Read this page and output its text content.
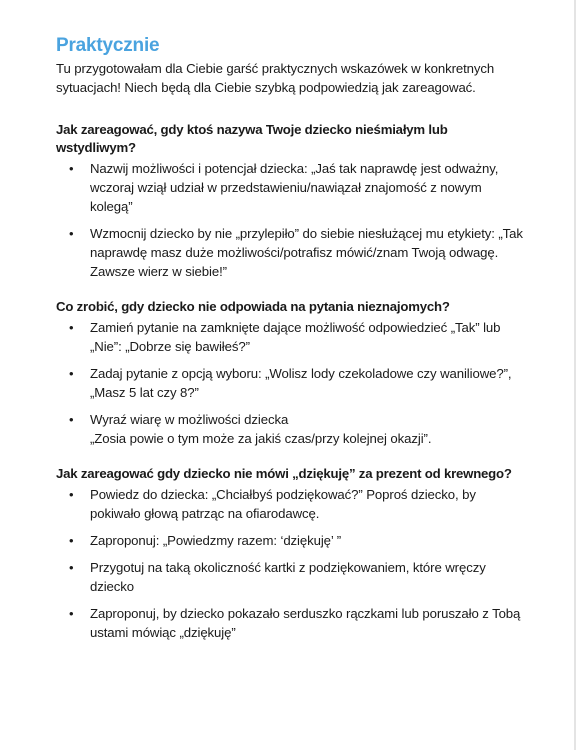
Praktycznie

Tu przygotowałam dla Ciebie garść praktycznych wskazówek w konkretnych sytuacjach! Niech będą dla Ciebie szybką podpowiedzią jak zareagować.

Jak zareagować, gdy ktoś nazywa Twoje dziecko nieśmiałym lub wstydliwym?
• Nazwij możliwości i potencjał dziecka: „Jaś tak naprawdę jest odważny, wczoraj wziął udział w przedstawieniu/nawiązał znajomość z nowym kolegą”
• Wzmocnij dziecko by nie „przylepiło” do siebie niesłużącej mu etykiety: „Tak naprawdę masz duże możliwości/potrafisz mówić/znam Twoją odwagę. Zawsze wierz w siebie!”
Co zrobić, gdy dziecko nie odpowiada na pytania nieznajomych?
• Zamień pytanie na zamknięte dające możliwość odpowiedzieć „Tak” lub „Nie”: „Dobrze się bawiłeś?”
• Zadaj pytanie z opcją wyboru: „Wolisz lody czekoladowe czy waniliowe?”, „Masz 5 lat czy 8?”
• Wyraź wiarę w możliwości dziecka
„Zosia powie o tym może za jakiś czas/przy kolejnej okazji”.
Jak zareagować gdy dziecko nie mówi „dziękuję” za prezent od krewnego?
• Powiedz do dziecka: „Chciałbyś podziękować?” Poproś dziecko, by pokiwało głową patrząc na ofiarodawcę.
• Zaproponuj: „Powiedzmy razem: ‘dziękuję’ ”
• Przygotuj na taką okoliczność kartki z podziękowaniem, które wręczy dziecko
• Zaproponuj, by dziecko pokazało serduszko rączkami lub poruszało z Tobą ustami mówiąc „dziękuję”
